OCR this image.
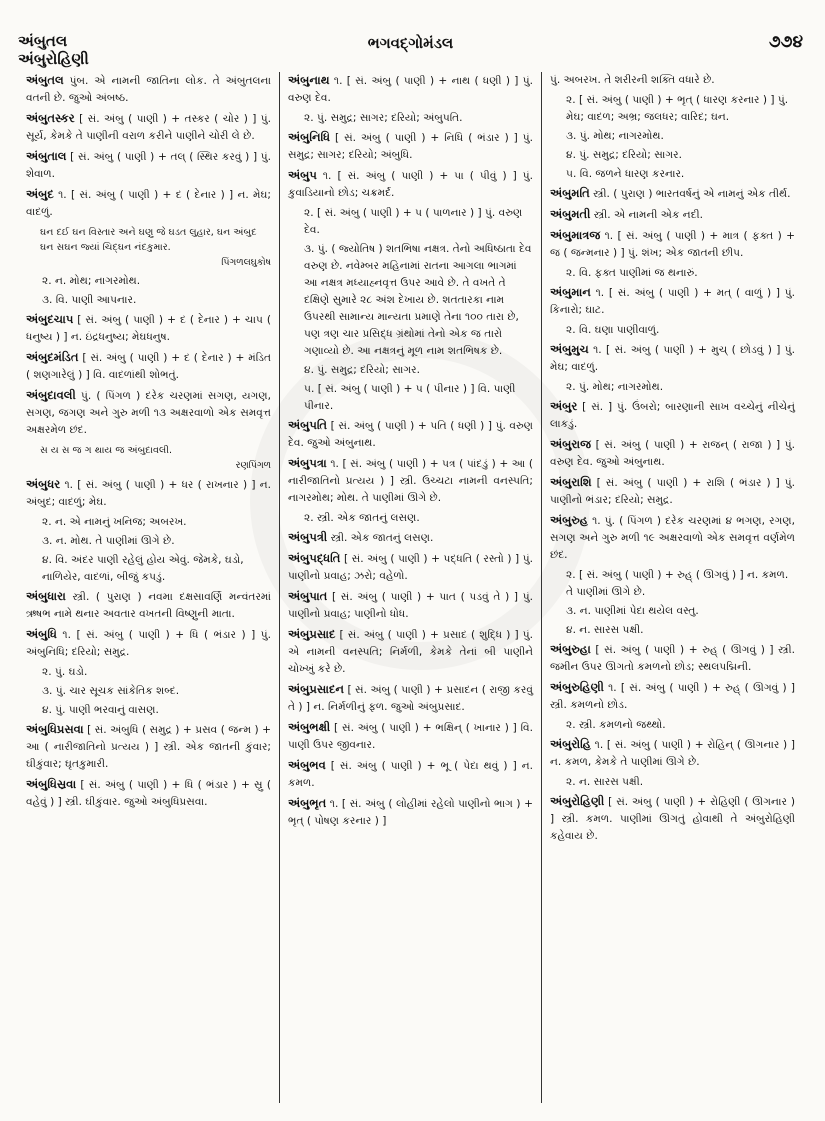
અંબુતલ
અંબુરોહિણી
ભગવદ્ગોમંડલ	૭૭૪
અંબુતલ પુંબ. એ નામની જાતિના લોક. તે અંબુતલના વતની છે. જુઓ અંબષ્ઠ.
અંબુતસ્કર [ સં. અંબુ ( પાણી ) + તસ્કર ( ચોર ) ] પું. સૂર્ય, કેમકે તે પાણીની વરાળ કરીને પાણીને ચોરી લે છે.
અંબુતાલ [ સં. અંબુ ( પાણી ) + તલ્ ( સ્થિર કરવું ) ] પું. શેવાળ.
અંબુદ ૧. [ સં. અંબુ ( પાણી ) + દ ( દેનાર ) ] ન. મેઘ; વાદળું.
ઘન દઈ ઘન વિસ્તાર અને ઘણુ જે ઘડત લુહાર, ઘન અંબુદ ઘન સઘન જ્યાં ચિદ્ઘન નંદકુમાર.
પિંગળલઘુકોષ
૨. ન. મોથ; નાગરમોથ.
૩. વિ. પાણી આપનાર.
અંબુદચાપ [ સં. અંબુ ( પાણી ) + દ ( દેનાર ) + ચાપ ( ધનુષ્ય ) ] ન. ઇંદ્રધનુષ્ય; મેઘધનુષ.
અંબુદમંડિત [ સં. અંબુ ( પાણી ) + દ ( દેનાર ) + મંડિત ( શણગારેલું ) ] વિ. વાદળાંથી શોભતું.
અંબુદાવલી પું. ( પિંગળ ) દરેક ચરણમાં સગણ, યગણ, સગણ, જગણ અને ગુરુ મળી ૧૩ અક્ષરવાળો એક સમવૃત્ત અક્ષરમેળ છંદ.
સ ય સ જ ગ થાય જ અંબુદાવલી.
રણપિંગળ
અંબુધર ૧. [ સં. અંબુ ( પાણી ) + ધર ( રાખનાર ) ] ન. અંબુદ; વાદળું; મેઘ.
૨. ન. એ નામનું ખનિજ; અબરખ.
૩. ન. મોથ. તે પાણીમાં ઊગે છે.
૪. વિ. અંદર પાણી રહેલું હોય એવું. જેમકે, ઘડો, નાળિયેર, વાદળાં, બીજું કપડું.
અંબુધારા સ્ત્રી. ( પુરાણ ) નવમા દક્ષસાવર્ણિ મન્વંતરમાં ઋષભ નામે થનાર અવતાર વખતની વિષ્ણુની માતા.
અંબુધિ ૧. [ સં. અંબુ ( પાણી ) + ધિ ( ભંડાર ) ] પું. અંબુનિધિ; દરિયો; સમુદ્ર.
૨. પું. ઘડો.
૩. પું. ચાર સૂચક સાંકેતિક શબ્દ.
૪. પું. પાણી ભરવાનું વાસણ.
અંબુધિપ્રસવા [ સં. અંબુધિ ( સમુદ્ર ) + પ્રસવ ( જન્મ ) + આ ( નારીજાતિનો પ્રત્યય ) ] સ્ત્રી. એક જાતની કુંવાર; ઘીકુંવાર; ઘૃતકુમારી.
અંબુધિસ્રવા [ સં. અંબુ ( પાણી ) + ધિ ( ભંડાર ) + સ્રુ ( વહેવું ) ] સ્ત્રી. ઘીકુંવાર. જુઓ અંબુધિપ્રસવા.
અંબુનાથ ૧. [ સં. અંબુ ( પાણી ) + નાથ ( ધણી ) ] પું. વરુણ દેવ.
૨. પું. સમુદ્ર; સાગર; દરિયો; અંબુપતિ.
અંબુનિધિ [ સં. અંબુ ( પાણી ) + નિધિ ( ભંડાર ) ] પું. સમુદ્ર; સાગર; દરિયો; અંબુધિ.
અંબુપ ૧. [ સં. અંબુ ( પાણી ) + પા ( પીવું ) ] પું. કુવાડિયાનો છોડ; ચક્રમર્દ.
૨. [ સં. અંબુ ( પાણી ) + પ ( પાળનાર ) ] પું. વરુણ દેવ.
૩. પું. ( જ્યોતિષ ) શતભિષા નક્ષત્ર. તેનો અધિષ્ઠાતા દેવ વરુણ છે. નવેમ્બર મહિનામાં રાતના આગલા ભાગમાં આ નક્ષત્ર મધ્યાહ્નવૃત્ત ઉપર આવે છે. તે વખતે તે દક્ષિણે સુમારે ૨૮ અંશ દેખાય છે. શતતારકા નામ ઉપરથી સામાન્ય માન્યતા પ્રમાણે તેના ૧૦૦ તારા છે, પણ ત્રણ ચાર પ્રસિદ્ધ ગ્રંથોમાં તેનો એક જ તારો ગણાવ્યો છે. આ નક્ષત્રનું મૂળ નામ શતભિષક છે.
૪. પું. સમુદ્ર; દરિયો; સાગર.
૫. [ સં. અંબુ ( પાણી ) + પ ( પીનાર ) ] વિ. પાણી પીનાર.
અંબુપતિ [ સં. અંબુ ( પાણી ) + પતિ ( ધણી ) ] પું. વરુણ દેવ. જુઓ અંબુનાથ.
અંબુપત્રા ૧. [ સં. અંબુ ( પાણી ) + પત્ર ( પાંદડું ) + આ ( નારીજાતિનો પ્રત્યય ) ] સ્ત્રી. ઉચ્ચટા નામની વનસ્પતિ; નાગરમોથ; મોથ. તે પાણીમાં ઊગે છે.
૨. સ્ત્રી. એક જાતનું લસણ.
અંબુપત્રી સ્ત્રી. એક જાતનું લસણ.
અંબુપદ્ધતિ [ સં. અંબુ ( પાણી ) + પદ્ધતિ ( રસ્તો ) ] પું. પાણીનો પ્રવાહ; ઝરો; વહેળો.
અંબુપાત [ સં. અંબુ ( પાણી ) + પાત ( પડવું તે ) ] પું. પાણીનો પ્રવાહ; પાણીનો ધોધ.
અંબુપ્રસાદ [ સં. અંબુ ( પાણી ) + પ્રસાદ ( શુદ્ધિ ) ] પું. એ નામની વનસ્પતિ; નિર્મળી, કેમકે તેનાં બી પાણીને ચોખ્ખું કરે છે.
અંબુપ્રસાદન [ સં. અંબુ ( પાણી ) + પ્રસાદન ( રાજી કરવું તે ) ] ન. નિર્મળીનું ફળ. જુઓ અંબુપ્રસાદ.
અંબુભક્ષી [ સં. અંબુ ( પાણી ) + ભક્ષિન્ ( ખાનાર ) ] વિ. પાણી ઉપર જીવનાર.
અંબુભવ [ સં. અંબુ ( પાણી ) + ભૂ ( પેદા થવું ) ] ન. કમળ.
અંબુભૃત ૧. [ સં. અંબુ ( લોહીમાં રહેલો પાણીનો ભાગ ) + ભૃત્ ( પોષણ કરનાર ) ]
પું. અબરખ. તે શરીરની શક્તિ વધારે છે.
૨. [ સં. અંબુ ( પાણી ) + ભૃત્ ( ધારણ કરનાર ) ] પું. મેઘ; વાદળ; અભ્ર; જલધર; વારિદ; ઘન.
૩. પું. મોથ; નાગરમોથ.
૪. પું. સમુદ્ર; દરિયો; સાગર.
૫. વિ. જળને ધારણ કરનાર.
અંબુમતિ સ્ત્રી. ( પુરાણ ) ભારતવર્ષનું એ નામનું એક તીર્થ.
અંબુમતી સ્ત્રી. એ નામની એક નદી.
અંબુમાત્રજ ૧. [ સં. અંબુ ( પાણી ) + માત્ર ( ફક્ત ) + જ ( જન્મનાર ) ] પું. શંખ; એક જાતની છીપ.
૨. વિ. ફક્ત પાણીમાં જ થનારું.
અંબુમાન ૧. [ સં. અંબુ ( પાણી ) + મત્ ( વાળું ) ] પું. કિનારો; ઘાટ.
૨. વિ. ઘણા પાણીવાળું.
અંબુમુચ ૧. [ સં. અંબુ ( પાણી ) + મુચ્ ( છોડવું ) ] પું. મેઘ; વાદળું.
૨. પું. મોથ; નાગરમોથ.
અંબુર [ સં. ] પું. ઉંબરો; બારણાની સાખ વચ્ચેનું નીચેનું લાકડું.
અંબુરાજ [ સં. અંબુ ( પાણી ) + રાજન્ ( રાજા ) ] પું. વરુણ દેવ. જુઓ અંબુનાથ.
અંબુરાશિ [ સં. અંબુ ( પાણી ) + રાશિ ( ભંડાર ) ] પું. પાણીનો ભંડાર; દરિયો; સમુદ્ર.
અંબુરુહ ૧. પું. ( પિંગળ ) દરેક ચરણમાં ૪ ભગણ, રગણ, સગણ અને ગુરુ મળી ૧૯ અક્ષરવાળો એક સમવૃત્ત વર્ણમેળ છંદ.
૨. [ સં. અંબુ ( પાણી ) + રુહ્ ( ઊગવું ) ] ન. કમળ. તે પાણીમાં ઊગે છે.
૩. ન. પાણીમાં પેદા થયેલ વસ્તુ.
૪. ન. સારસ પક્ષી.
અંબુરુહા [ સં. અંબુ ( પાણી ) + રુહ્ ( ઊગવું ) ] સ્ત્રી. જમીન ઉપર ઊગતો કમળનો છોડ; સ્થલપદ્મિની.
અંબુરુહિણી ૧. [ સં. અંબુ ( પાણી ) + રુહ્ ( ઊગવું ) ] સ્ત્રી. કમળનો છોડ.
૨. સ્ત્રી. કમળનો જથ્થો.
અંબુરોહિ ૧. [ સં. અંબુ ( પાણી ) + રોહિન્ ( ઊગનાર ) ] ન. કમળ, કેમકે તે પાણીમાં ઊગે છે.
૨. ન. સારસ પક્ષી.
અંબુરોહિણી [ સં. અંબુ ( પાણી ) + રોહિણી ( ઊગનાર ) ] સ્ત્રી. કમળ. પાણીમાં ઊગતું હોવાથી તે અંબુરોહિણી કહેવાય છે.
